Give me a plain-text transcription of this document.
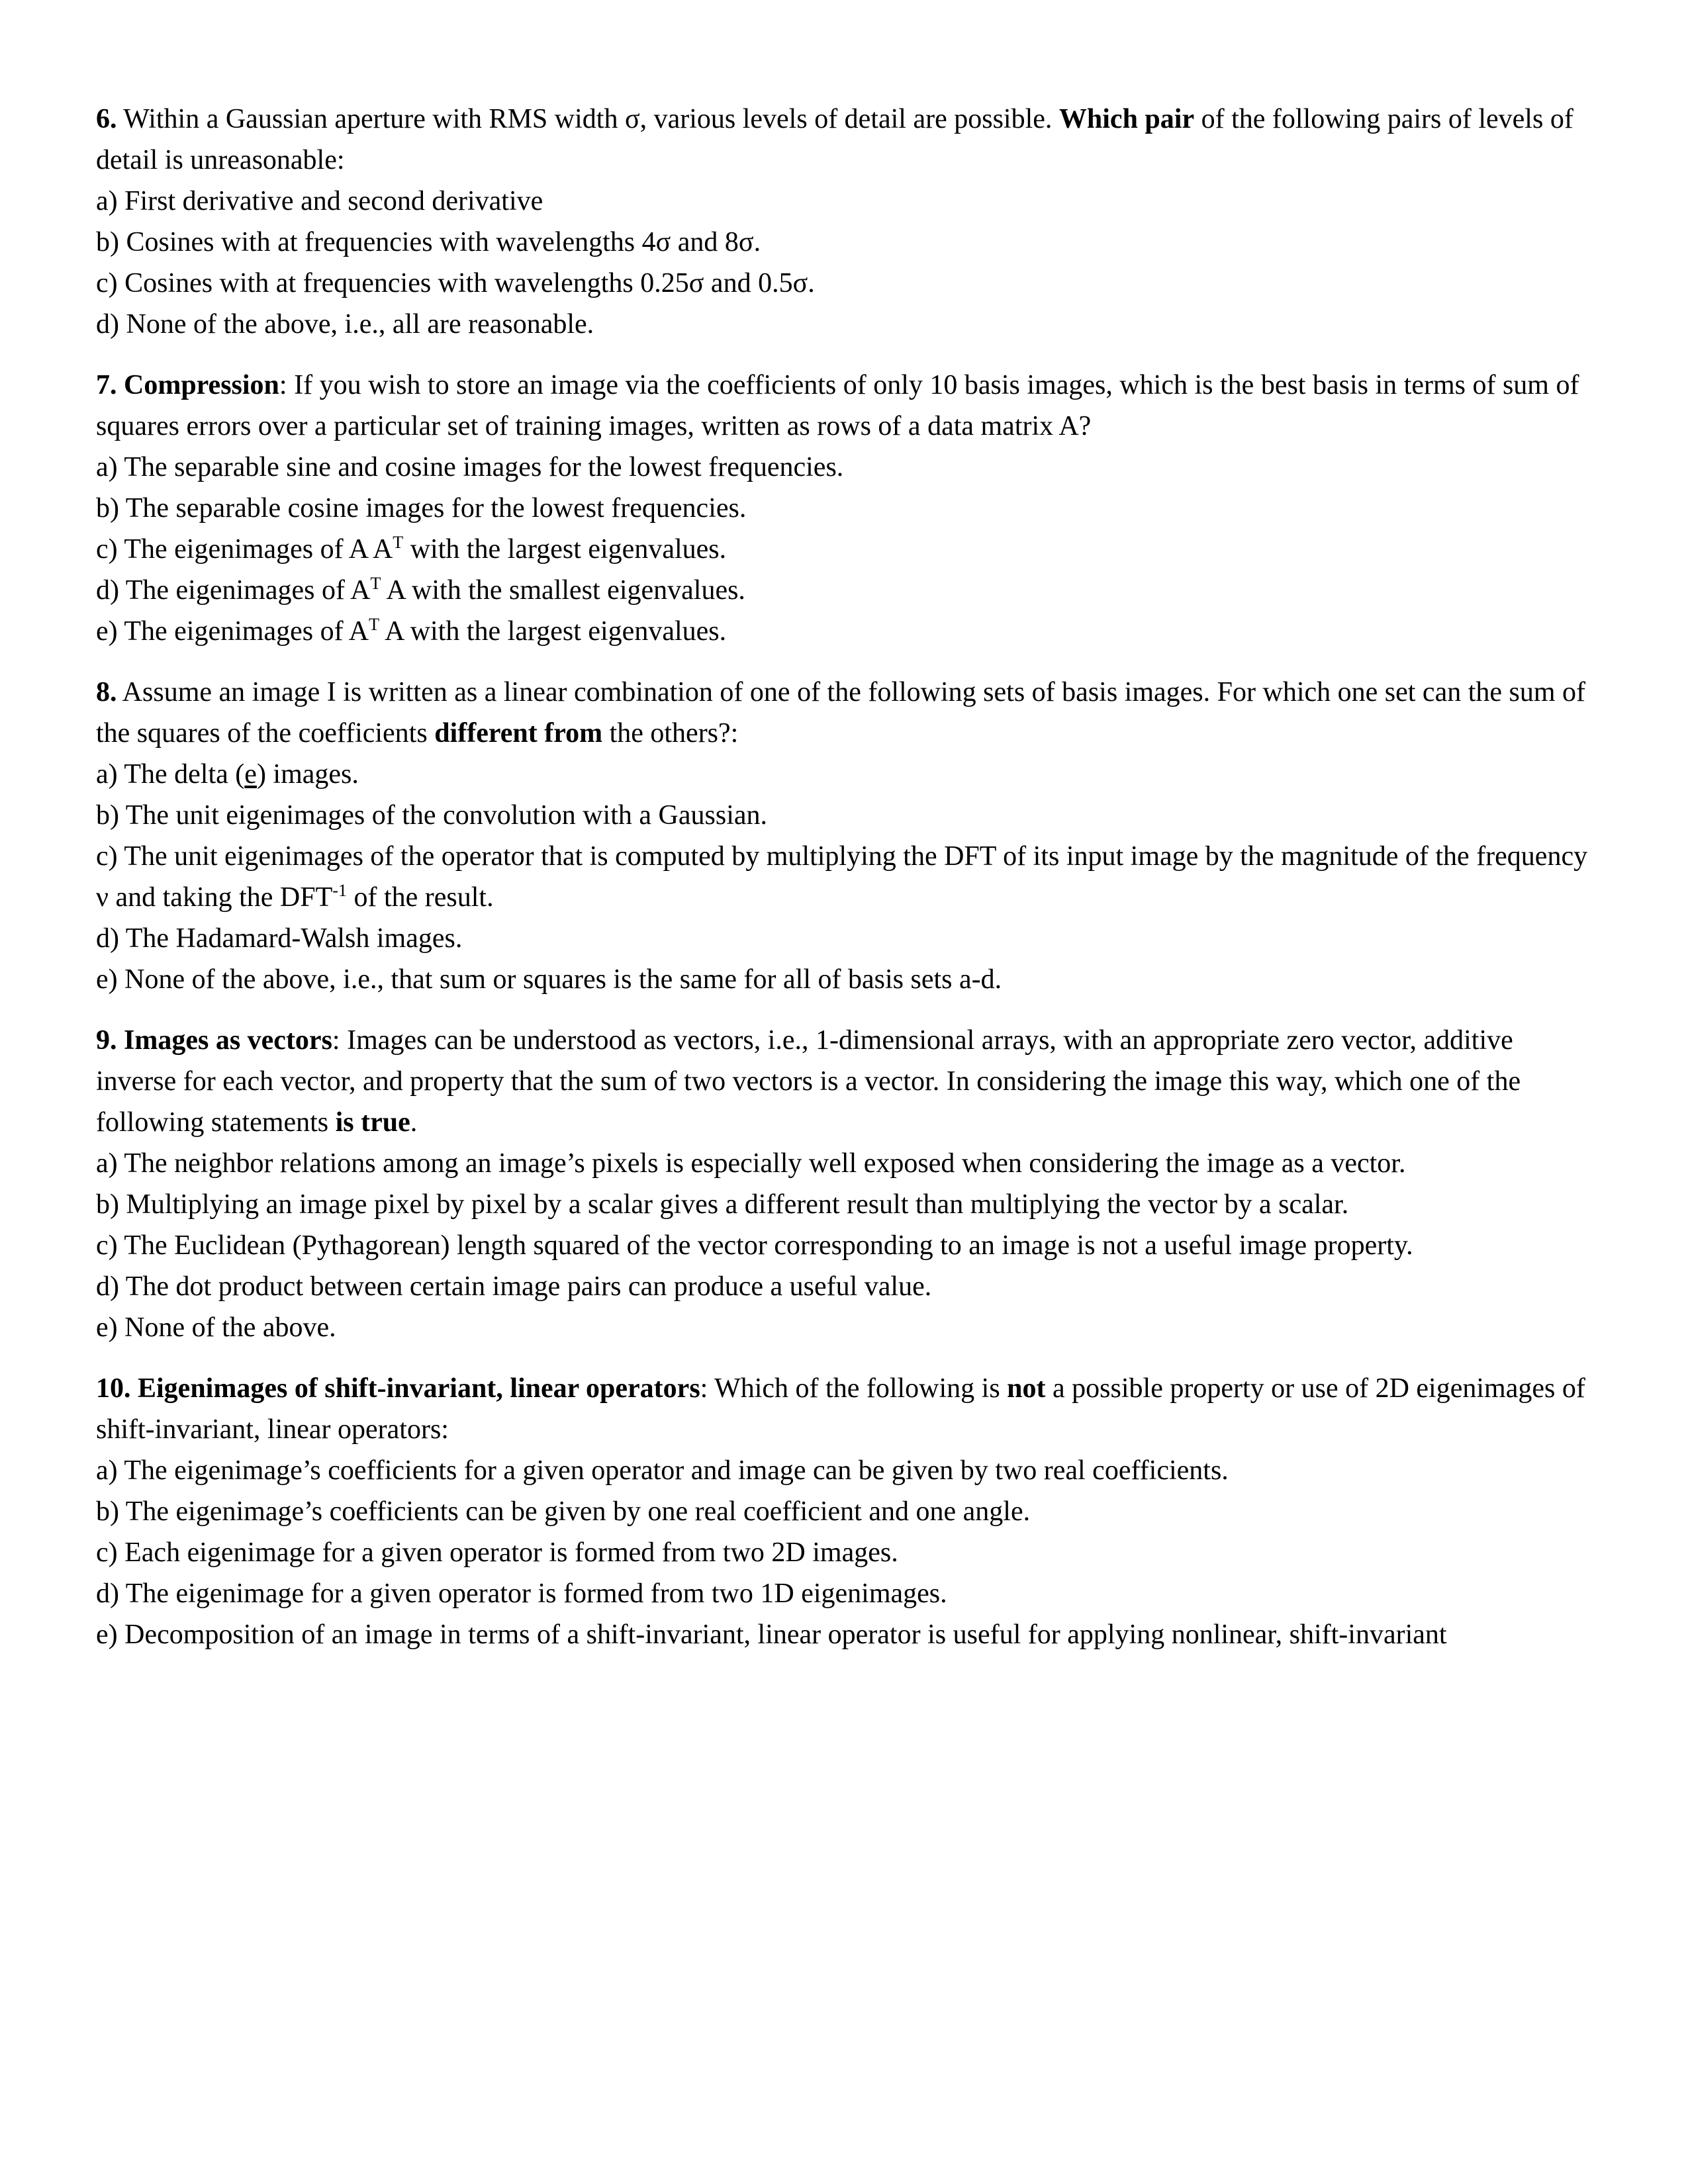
6. Within a Gaussian aperture with RMS width σ, various levels of detail are possible. Which pair of the following pairs of levels of detail is unreasonable:

a) First derivative and second derivative

b) Cosines with at frequencies with wavelengths 4σ and 8σ.

c) Cosines with at frequencies with wavelengths 0.25σ and 0.5σ.

d) None of the above, i.e., all are reasonable.

7. Compression: If you wish to store an image via the coefficients of only 10 basis images, which is the best basis in terms of sum of squares errors over a particular set of training images, written as rows of a data matrix A?

a) The separable sine and cosine images for the lowest frequencies.

b) The separable cosine images for the lowest frequencies.

c) The eigenimages of A $A^T$ with the largest eigenvalues.

d) The eigenimages of $A^T$ A with the smallest eigenvalues.

e) The eigenimages of $A^T$ A with the largest eigenvalues.

8. Assume an image I is written as a linear combination of one of the following sets of basis images. For which one set can the sum of the squares of the coefficients different from the others?:

a) The delta (e) images.

b) The unit eigenimages of the convolution with a Gaussian.

c) The unit eigenimages of the operator that is computed by multiplying the DFT of its input image by the magnitude of the frequency ν and taking the $DFT^{-1}$ of the result.

d) The Hadamard-Walsh images.

e) None of the above, i.e., that sum or squares is the same for all of basis sets a-d.

9. Images as vectors: Images can be understood as vectors, i.e., 1-dimensional arrays, with an appropriate zero vector, additive inverse for each vector, and property that the sum of two vectors is a vector. In considering the image this way, which one of the following statements is true.

a) The neighbor relations among an image’s pixels is especially well exposed when considering the image as a vector.

b) Multiplying an image pixel by pixel by a scalar gives a different result than multiplying the vector by a scalar.

c) The Euclidean (Pythagorean) length squared of the vector corresponding to an image is not a useful image property.

d) The dot product between certain image pairs can produce a useful value.

e) None of the above.

10. Eigenimages of shift-invariant, linear operators: Which of the following is not a possible property or use of 2D eigenimages of shift-invariant, linear operators:

a) The eigenimage’s coefficients for a given operator and image can be given by two real coefficients.

b) The eigenimage’s coefficients can be given by one real coefficient and one angle.

c) Each eigenimage for a given operator is formed from two 2D images.

d) The eigenimage for a given operator is formed from two 1D eigenimages.

e) Decomposition of an image in terms of a shift-invariant, linear operator is useful for applying nonlinear, shift-invariant
